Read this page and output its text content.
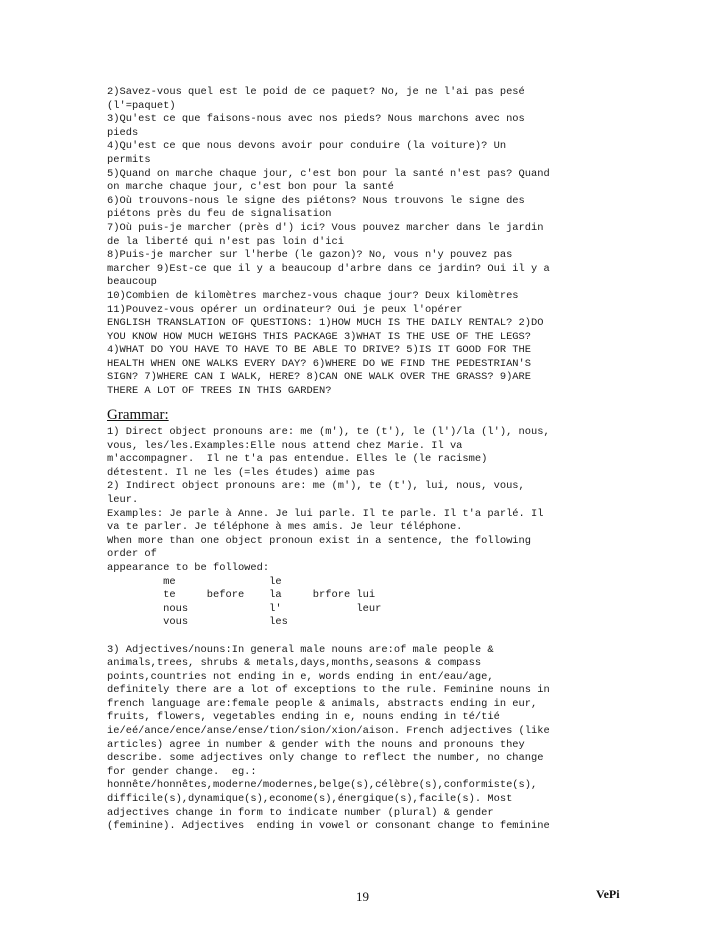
2)Savez-vous quel est le poid de ce paquet? No, je ne l'ai pas pesé
(l'=paquet)
3)Qu'est ce que faisons-nous avec nos pieds? Nous marchons avec nos
pieds
4)Qu'est ce que nous devons avoir pour conduire (la voiture)? Un
permits
5)Quand on marche chaque jour, c'est bon pour la santé n'est pas? Quand
on marche chaque jour, c'est bon pour la santé
6)Où trouvons-nous le signe des piétons? Nous trouvons le signe des
piétons près du feu de signalisation
7)Où puis-je marcher (près d') ici? Vous pouvez marcher dans le jardin
de la liberté qui n'est pas loin d'ici
8)Puis-je marcher sur l'herbe (le gazon)? No, vous n'y pouvez pas
marcher 9)Est-ce que il y a beaucoup d'arbre dans ce jardin? Oui il y a
beaucoup
10)Combien de kilomètres marchez-vous chaque jour? Deux kilomètres
11)Pouvez-vous opérer un ordinateur? Oui je peux l'opérer
ENGLISH TRANSLATION OF QUESTIONS: 1)HOW MUCH IS THE DAILY RENTAL? 2)DO
YOU KNOW HOW MUCH WEIGHS THIS PACKAGE 3)WHAT IS THE USE OF THE LEGS?
4)WHAT DO YOU HAVE TO HAVE TO BE ABLE TO DRIVE? 5)IS IT GOOD FOR THE
HEALTH WHEN ONE WALKS EVERY DAY? 6)WHERE DO WE FIND THE PEDESTRIAN'S
SIGN? 7)WHERE CAN I WALK, HERE? 8)CAN ONE WALK OVER THE GRASS? 9)ARE
THERE A LOT OF TREES IN THIS GARDEN?
Grammar:
1) Direct object pronouns are: me (m'), te (t'), le (l')/la (l'), nous,
vous, les/les.Examples:Elle nous attend chez Marie. Il va
m'accompagner.  Il ne t'a pas entendue. Elles le (le racisme)
détestent. Il ne les (=les études) aime pas
2) Indirect object pronouns are: me (m'), te (t'), lui, nous, vous,
leur.
Examples: Je parle à Anne. Je lui parle. Il te parle. Il t'a parlé. Il
va te parler. Je téléphone à mes amis. Je leur téléphone.
When more than one object pronoun exist in a sentence, the following
order of
appearance to be followed:
me               le
te     before    la     brfore lui
nous             l'            leur
vous             les

3) Adjectives/nouns:In general male nouns are:of male people &
animals,trees, shrubs & metals,days,months,seasons & compass
points,countries not ending in e, words ending in ent/eau/age,
definitely there are a lot of exceptions to the rule. Feminine nouns in
french language are:female people & animals, abstracts ending in eur,
fruits, flowers, vegetables ending in e, nouns ending in té/tié
ie/eé/ance/ence/anse/ense/tion/sion/xion/aison. French adjectives (like
articles) agree in number & gender with the nouns and pronouns they
describe. some adjectives only change to reflect the number, no change
for gender change.  eg.:
honnête/honnêtes,moderne/modernes,belge(s),célèbre(s),conformiste(s),
difficile(s),dynamique(s),econome(s),énergique(s),facile(s). Most
adjectives change in form to indicate number (plural) & gender
(feminine). Adjectives  ending in vowel or consonant change to feminine
19	VePi
